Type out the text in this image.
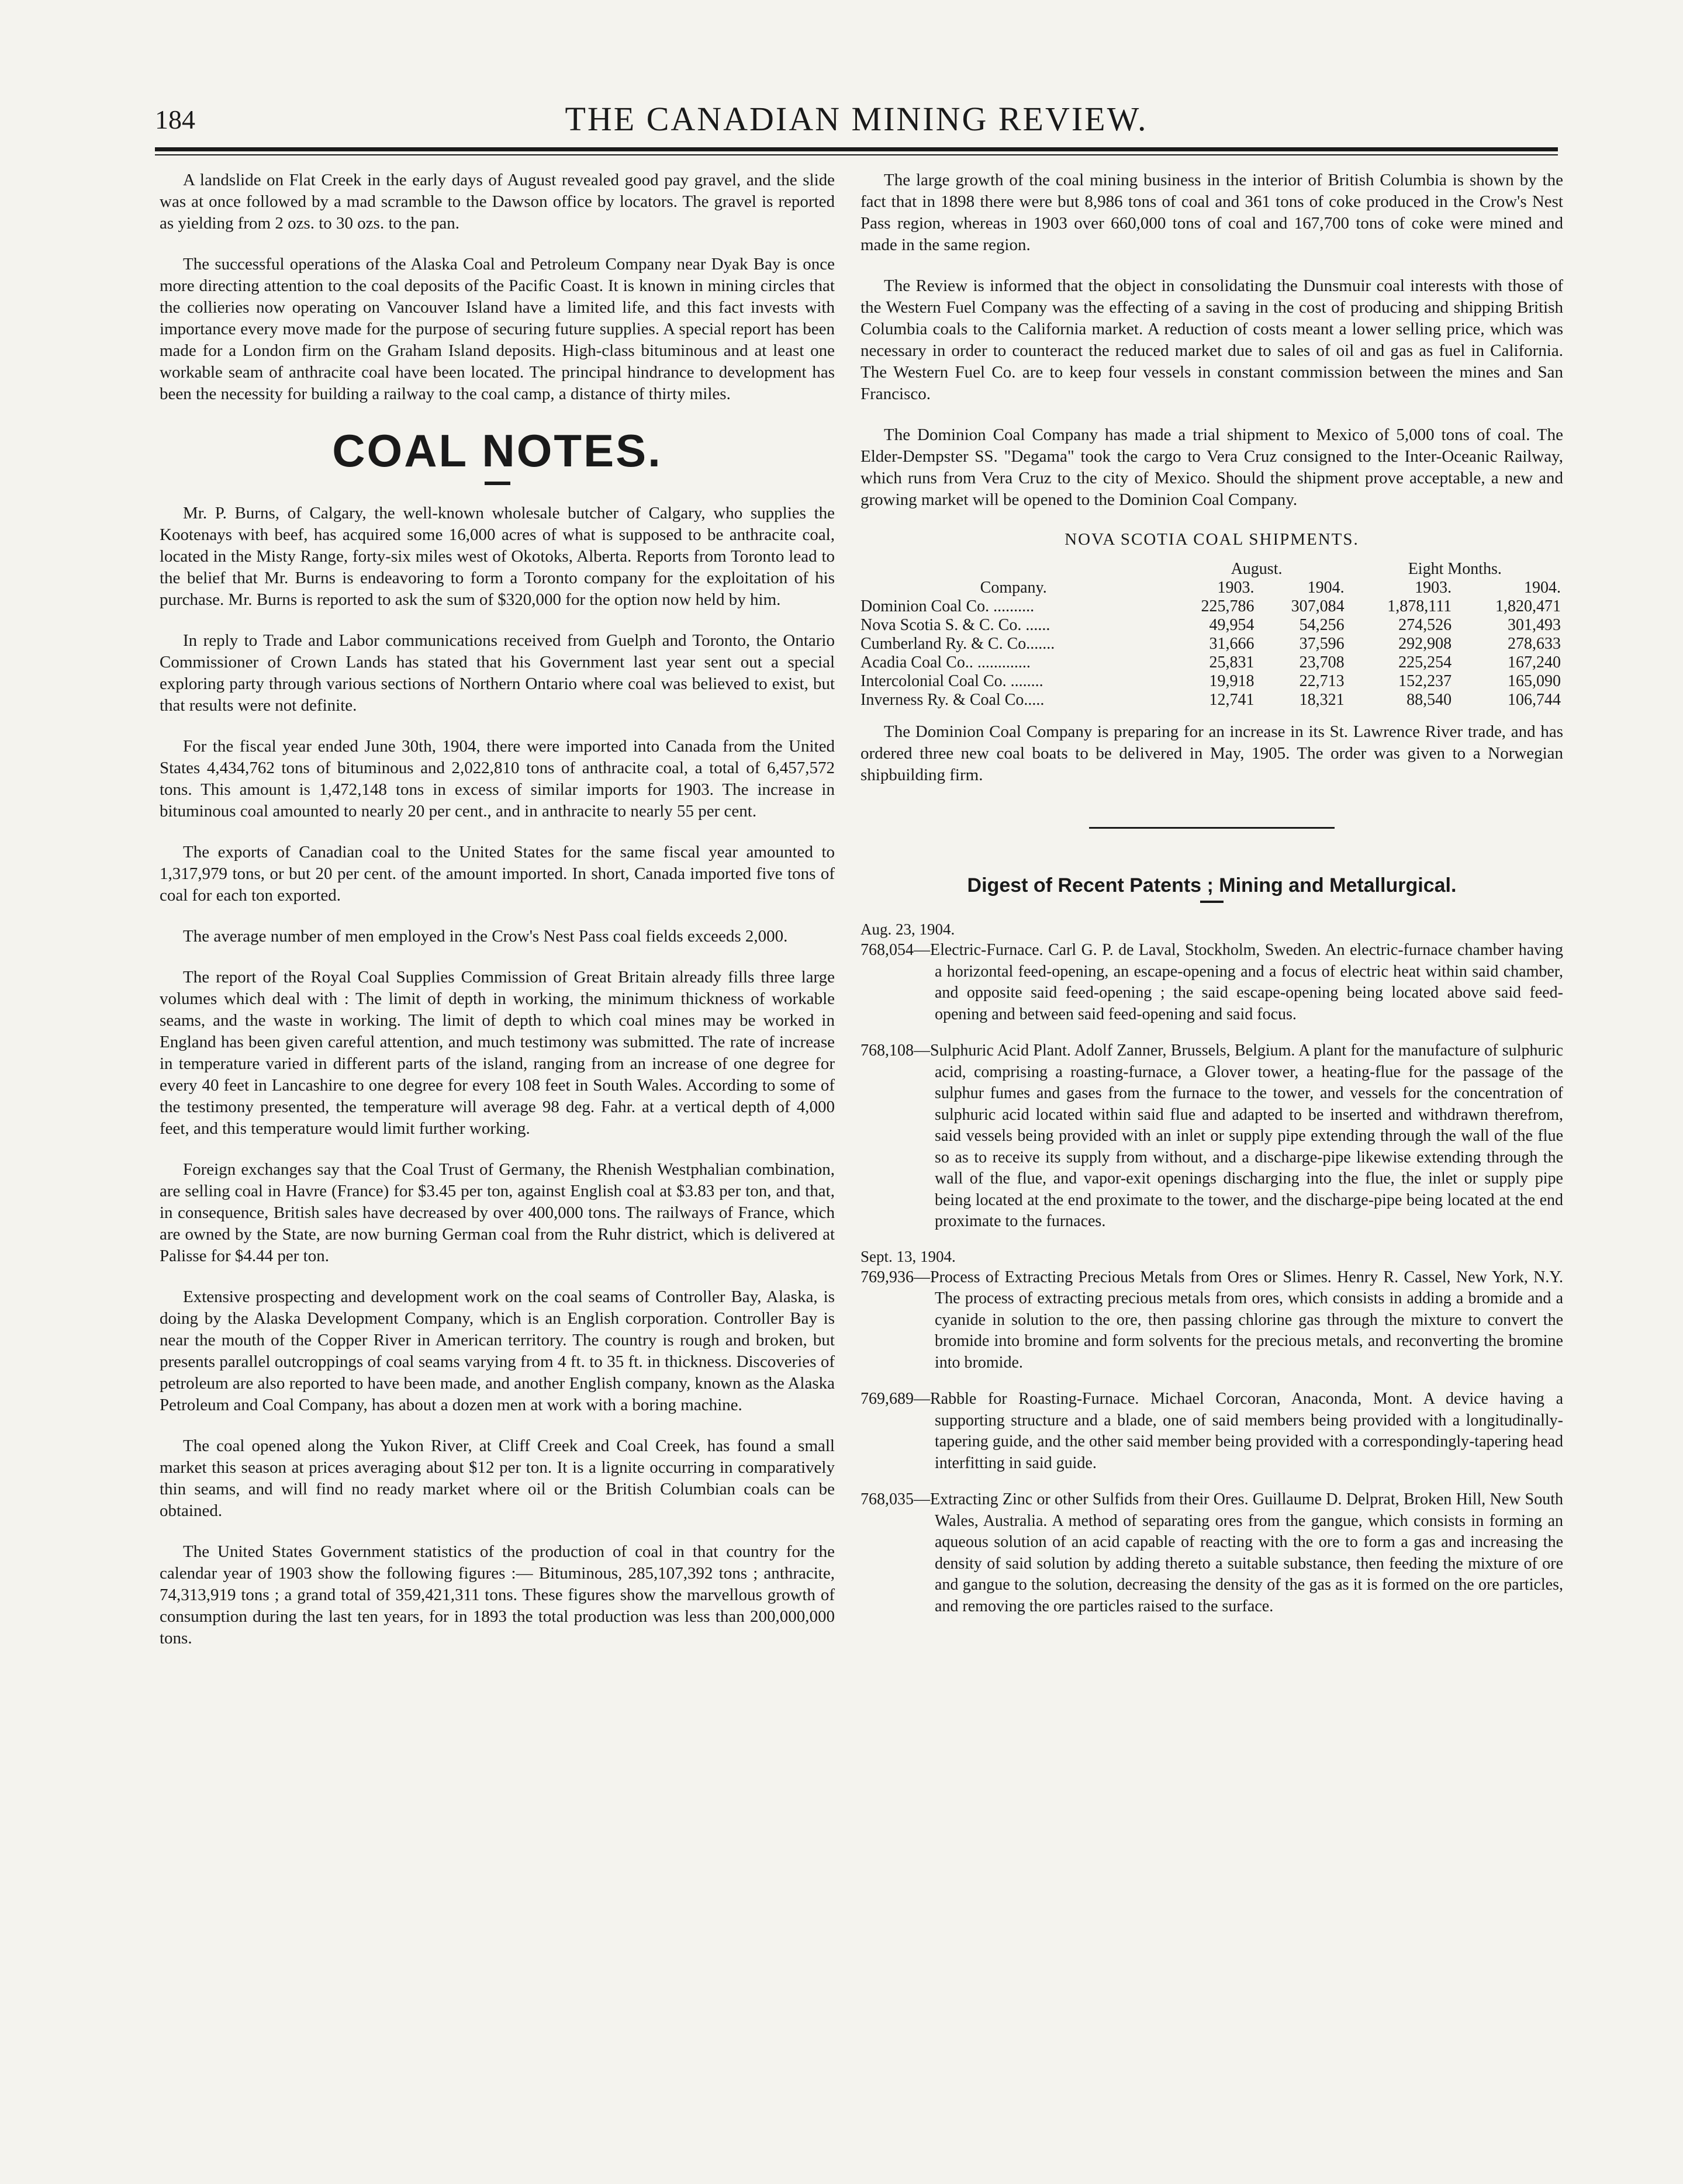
184	THE CANADIAN MINING REVIEW.

A landslide on Flat Creek in the early days of August revealed good pay gravel, and the slide was at once followed by a mad scramble to the Dawson office by locators. The gravel is reported as yielding from 2 ozs. to 30 ozs. to the pan.

The successful operations of the Alaska Coal and Petroleum Company near Dyak Bay is once more directing attention to the coal deposits of the Pacific Coast. It is known in mining circles that the collieries now operating on Vancouver Island have a limited life, and this fact invests with importance every move made for the purpose of securing future supplies. A special report has been made for a London firm on the Graham Island deposits. High-class bituminous and at least one workable seam of anthracite coal have been located. The principal hindrance to development has been the necessity for building a railway to the coal camp, a distance of thirty miles.

COAL NOTES.

Mr. P. Burns, of Calgary, the well-known wholesale butcher of Calgary, who supplies the Kootenays with beef, has acquired some 16,000 acres of what is supposed to be anthracite coal, located in the Misty Range, forty-six miles west of Okotoks, Alberta. Reports from Toronto lead to the belief that Mr. Burns is endeavoring to form a Toronto company for the exploitation of his purchase. Mr. Burns is reported to ask the sum of $320,000 for the option now held by him.

In reply to Trade and Labor communications received from Guelph and Toronto, the Ontario Commissioner of Crown Lands has stated that his Government last year sent out a special exploring party through various sections of Northern Ontario where coal was believed to exist, but that results were not definite.

For the fiscal year ended June 30th, 1904, there were imported into Canada from the United States 4,434,762 tons of bituminous and 2,022,810 tons of anthracite coal, a total of 6,457,572 tons. This amount is 1,472,148 tons in excess of similar imports for 1903. The increase in bituminous coal amounted to nearly 20 per cent., and in anthracite to nearly 55 per cent.

The exports of Canadian coal to the United States for the same fiscal year amounted to 1,317,979 tons, or but 20 per cent. of the amount imported. In short, Canada imported five tons of coal for each ton exported.

The average number of men employed in the Crow's Nest Pass coal fields exceeds 2,000.

The report of the Royal Coal Supplies Commission of Great Britain already fills three large volumes which deal with : The limit of depth in working, the minimum thickness of workable seams, and the waste in working. The limit of depth to which coal mines may be worked in England has been given careful attention, and much testimony was submitted. The rate of increase in temperature varied in different parts of the island, ranging from an increase of one degree for every 40 feet in Lancashire to one degree for every 108 feet in South Wales. According to some of the testimony presented, the temperature will average 98 deg. Fahr. at a vertical depth of 4,000 feet, and this temperature would limit further working.

Foreign exchanges say that the Coal Trust of Germany, the Rhenish Westphalian combination, are selling coal in Havre (France) for $3.45 per ton, against English coal at $3.83 per ton, and that, in consequence, British sales have decreased by over 400,000 tons. The railways of France, which are owned by the State, are now burning German coal from the Ruhr district, which is delivered at Palisse for $4.44 per ton.

Extensive prospecting and development work on the coal seams of Controller Bay, Alaska, is doing by the Alaska Development Company, which is an English corporation. Controller Bay is near the mouth of the Copper River in American territory. The country is rough and broken, but presents parallel outcroppings of coal seams varying from 4 ft. to 35 ft. in thickness. Discoveries of petroleum are also reported to have been made, and another English company, known as the Alaska Petroleum and Coal Company, has about a dozen men at work with a boring machine.

The coal opened along the Yukon River, at Cliff Creek and Coal Creek, has found a small market this season at prices averaging about $12 per ton. It is a lignite occurring in comparatively thin seams, and will find no ready market where oil or the British Columbian coals can be obtained.

The United States Government statistics of the production of coal in that country for the calendar year of 1903 show the following figures :— Bituminous, 285,107,392 tons ; anthracite, 74,313,919 tons ; a grand total of 359,421,311 tons. These figures show the marvellous growth of consumption during the last ten years, for in 1893 the total production was less than 200,000,000 tons.

The large growth of the coal mining business in the interior of British Columbia is shown by the fact that in 1898 there were but 8,986 tons of coal and 361 tons of coke produced in the Crow's Nest Pass region, whereas in 1903 over 660,000 tons of coal and 167,700 tons of coke were mined and made in the same region.

The Review is informed that the object in consolidating the Dunsmuir coal interests with those of the Western Fuel Company was the effecting of a saving in the cost of producing and shipping British Columbia coals to the California market. A reduction of costs meant a lower selling price, which was necessary in order to counteract the reduced market due to sales of oil and gas as fuel in California. The Western Fuel Co. are to keep four vessels in constant commission between the mines and San Francisco.

The Dominion Coal Company has made a trial shipment to Mexico of 5,000 tons of coal. The Elder-Dempster SS. "Degama" took the cargo to Vera Cruz consigned to the Inter-Oceanic Railway, which runs from Vera Cruz to the city of Mexico. Should the shipment prove acceptable, a new and growing market will be opened to the Dominion Coal Company.

NOVA SCOTIA COAL SHIPMENTS.
	August.		Eight Months.	
Company.	1903.	1904.	1903.	1904.
Dominion Coal Co. ..........	225,786	307,084	1,878,111	1,820,471
Nova Scotia S. & C. Co. ......	49,954	54,256	274,526	301,493
Cumberland Ry. & C. Co.......	31,666	37,596	292,908	278,633
Acadia Coal Co.. .............	25,831	23,708	225,254	167,240
Intercolonial Coal Co. ........	19,918	22,713	152,237	165,090
Inverness Ry. & Coal Co.....	12,741	18,321	88,540	106,744

The Dominion Coal Company is preparing for an increase in its St. Lawrence River trade, and has ordered three new coal boats to be delivered in May, 1905. The order was given to a Norwegian shipbuilding firm.

Digest of Recent Patents ; Mining and Metallurgical.
Aug. 23, 1904.
768,054—Electric-Furnace. Carl G. P. de Laval, Stockholm, Sweden. An electric-furnace chamber having a horizontal feed-opening, an escape-opening and a focus of electric heat within said chamber, and opposite said feed-opening ; the said escape-opening being located above said feed-opening and between said feed-opening and said focus.
768,108—Sulphuric Acid Plant. Adolf Zanner, Brussels, Belgium. A plant for the manufacture of sulphuric acid, comprising a roasting-furnace, a Glover tower, a heating-flue for the passage of the sulphur fumes and gases from the furnace to the tower, and vessels for the concentration of sulphuric acid located within said flue and adapted to be inserted and withdrawn therefrom, said vessels being provided with an inlet or supply pipe extending through the wall of the flue so as to receive its supply from without, and a discharge-pipe likewise extending through the wall of the flue, and vapor-exit openings discharging into the flue, the inlet or supply pipe being located at the end proximate to the tower, and the discharge-pipe being located at the end proximate to the furnaces.
Sept. 13, 1904.
769,936—Process of Extracting Precious Metals from Ores or Slimes. Henry R. Cassel, New York, N.Y. The process of extracting precious metals from ores, which consists in adding a bromide and a cyanide in solution to the ore, then passing chlorine gas through the mixture to convert the bromide into bromine and form solvents for the precious metals, and reconverting the bromine into bromide.
769,689—Rabble for Roasting-Furnace. Michael Corcoran, Anaconda, Mont. A device having a supporting structure and a blade, one of said members being provided with a longitudinally-tapering guide, and the other said member being provided with a correspondingly-tapering head interfitting in said guide.
768,035—Extracting Zinc or other Sulfids from their Ores. Guillaume D. Delprat, Broken Hill, New South Wales, Australia. A method of separating ores from the gangue, which consists in forming an aqueous solution of an acid capable of reacting with the ore to form a gas and increasing the density of said solution by adding thereto a suitable substance, then feeding the mixture of ore and gangue to the solution, decreasing the density of the gas as it is formed on the ore particles, and removing the ore particles raised to the surface.
